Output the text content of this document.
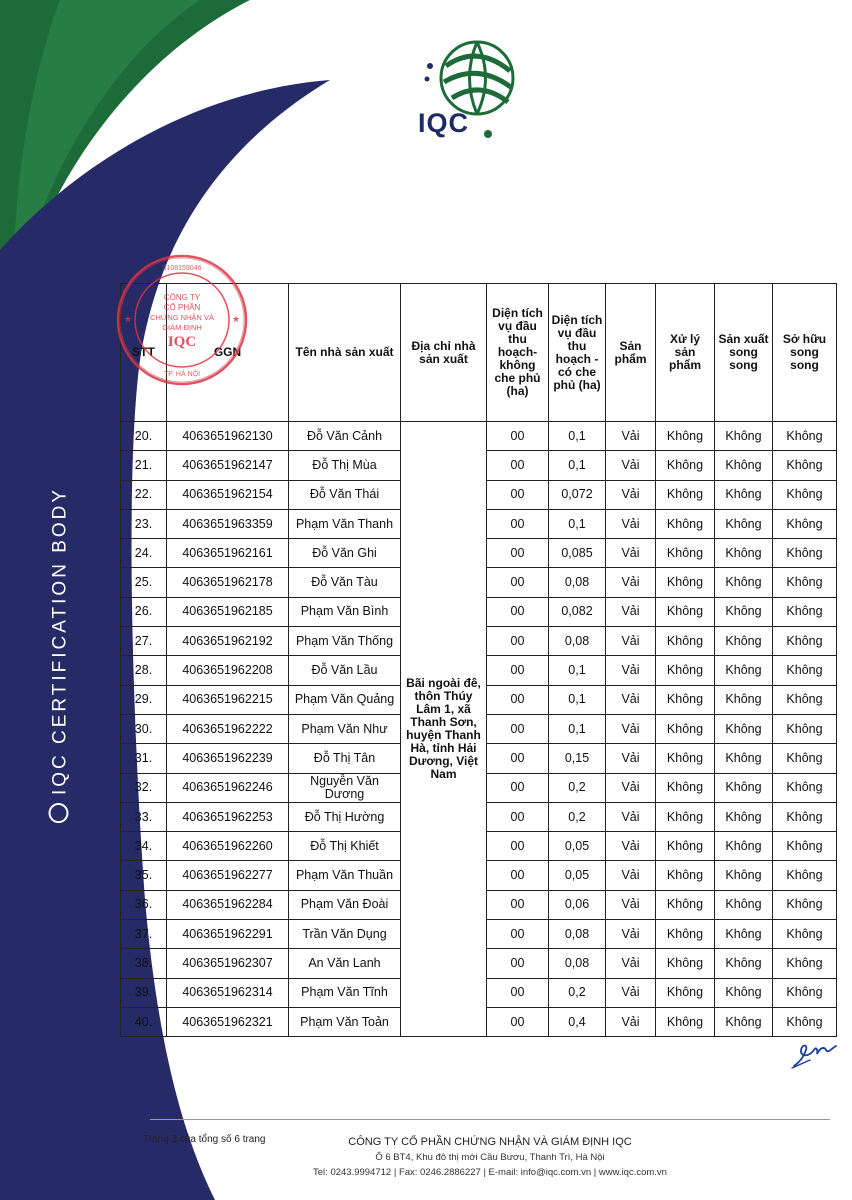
IQC CERTIFICATION BODY
IQC
STT	GGN	Tên nhà sản xuất	Địa chỉ nhà sản xuất	Diện tích vụ đầu thu hoạch-không che phủ (ha)	Diện tích vụ đầu thu hoạch - có che phủ (ha)	Sản phẩm	Xử lý sản phẩm	Sản xuất song song	Sở hữu song song
20.	4063651962130	Đỗ Văn Cảnh	Bãi ngoài đê, thôn Thúy Lâm 1, xã Thanh Sơn, huyện Thanh Hà, tỉnh Hải Dương, Việt Nam	00	0,1	Vải	Không	Không	Không
21.	4063651962147	Đỗ Thị Mùa		00	0,1	Vải	Không	Không	Không
22.	4063651962154	Đỗ Văn Thái		00	0,072	Vải	Không	Không	Không
23.	4063651963359	Phạm Văn Thanh		00	0,1	Vải	Không	Không	Không
24.	4063651962161	Đỗ Văn Ghi		00	0,085	Vải	Không	Không	Không
25.	4063651962178	Đỗ Văn Tàu		00	0,08	Vải	Không	Không	Không
26.	4063651962185	Phạm Văn Bình		00	0,082	Vải	Không	Không	Không
27.	4063651962192	Phạm Văn Thống		00	0,08	Vải	Không	Không	Không
28.	4063651962208	Đỗ Văn Lầu		00	0,1	Vải	Không	Không	Không
29.	4063651962215	Phạm Văn Quảng		00	0,1	Vải	Không	Không	Không
30.	4063651962222	Phạm Văn Như		00	0,1	Vải	Không	Không	Không
31.	4063651962239	Đỗ Thị Tân		00	0,15	Vải	Không	Không	Không
32.	4063651962246	Nguyễn Văn Dương		00	0,2	Vải	Không	Không	Không
33.	4063651962253	Đỗ Thị Hường		00	0,2	Vải	Không	Không	Không
34.	4063651962260	Đỗ Thị Khiết		00	0,05	Vải	Không	Không	Không
35.	4063651962277	Phạm Văn Thuần		00	0,05	Vải	Không	Không	Không
36.	4063651962284	Phạm Văn Đoài		00	0,06	Vải	Không	Không	Không
37.	4063651962291	Trần Văn Dụng		00	0,08	Vải	Không	Không	Không
38.	4063651962307	An Văn Lanh		00	0,08	Vải	Không	Không	Không
39.	4063651962314	Phạm Văn Tĩnh		00	0,2	Vải	Không	Không	Không
40.	4063651962321	Phạm Văn Toản		00	0,4	Vải	Không	Không	Không
CÔNG TY
CỔ PHẦN
CHỨNG NHẬN VÀ
GIÁM ĐỊNH
IQC
0108159046
TP. HÀ NỘI
★	★
Trang 3 của tổng số 6 trang	CÔNG TY CỔ PHẦN CHỨNG NHẬN VÀ GIÁM ĐỊNH IQC
Ô 6 BT4, Khu đô thị mới Cầu Bươu, Thanh Trì, Hà Nội
Tel: 0243.9994712 | Fax: 0246.2886227 | E-mail: info@iqc.com.vn | www.iqc.com.vn
